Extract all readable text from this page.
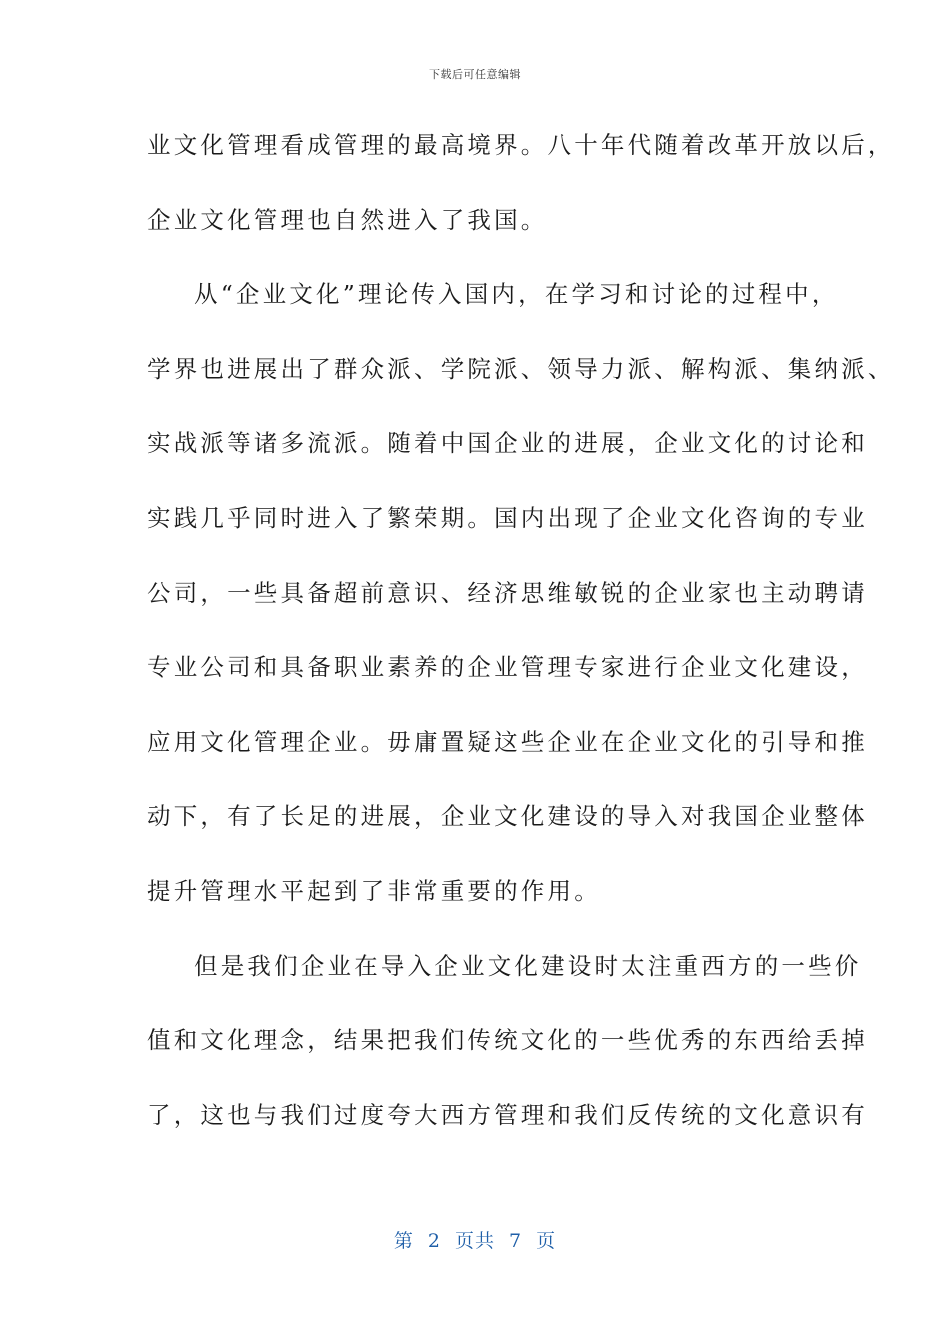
下载后可任意编辑
业文化管理看成管理的最高境界。八十年代随着改革开放以后，
企业文化管理也自然进入了我国。
从“企业文化”理论传入国内，在学习和讨论的过程中，
学界也进展出了群众派、学院派、领导力派、解构派、集纳派、
实战派等诸多流派。随着中国企业的进展，企业文化的讨论和
实践几乎同时进入了繁荣期。国内出现了企业文化咨询的专业
公司，一些具备超前意识、经济思维敏锐的企业家也主动聘请
专业公司和具备职业素养的企业管理专家进行企业文化建设，
应用文化管理企业。毋庸置疑这些企业在企业文化的引导和推
动下，有了长足的进展，企业文化建设的导入对我国企业整体
提升管理水平起到了非常重要的作用。
但是我们企业在导入企业文化建设时太注重西方的一些价
值和文化理念，结果把我们传统文化的一些优秀的东西给丢掉
了，这也与我们过度夸大西方管理和我们反传统的文化意识有
第 2 页共 7 页
